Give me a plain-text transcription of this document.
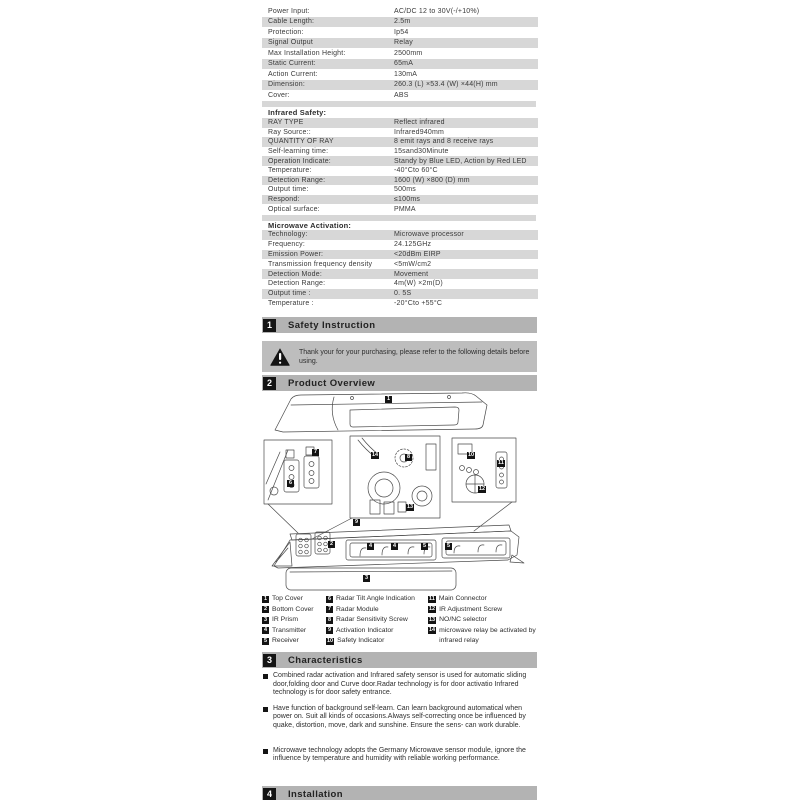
Power Input:	AC/DC 12 to 30V(-/+10%)
Cable Length:	2.5m
Protection:	Ip54
Signal Output	Relay
Max Installation Height:	2500mm
Static Current:	65mA
Action Current:	130mA
Dimension:	260.3 (L) ×53.4 (W) ×44(H) mm
Cover:	ABS
Infrared Safety:
RAY TYPE	Reflect infrared
Ray Source::	Infrared940mm
QUANTITY OF RAY	8 emit rays and 8 receive rays
Self-learning time:	15sand30Minute
Operation Indicate:	Standy by Blue LED, Action by Red LED
Temperature:	-40°Cto 60°C
Detection Range:	1600 (W) ×800 (D) mm
Output time:	500ms
Respond:	≤100ms
Optical surface:	PMMA
Microwave Activation:
Technology:	Microwave processor
Frequency:	24.125GHz
Emission Power:	<20dBm EIRP
Transmission frequency density	<5mW/cm2
Detection Mode:	Movement
Detection Range:	4m(W) ×2m(D)
Output time :	0. 5S
Temperature :	-20°Cto +55°C
1	Safety Instruction
Thank your for your purchasing, please refer to the following details before using.
2	Product Overview
1
7
6
14	8
13
10
11
12
9
2	4	4	5	5
3
1 Top Cover
2 Bottom Cover
3 IR Prism
4 Transmitter
5 Receiver
6 Radar Tilt Angle Indication
7 Radar Module
8 Radar Sensitivity Screw
9 Activation Indicator
10 Safety Indicator
11 Main Connector
12 IR Adjustment Screw
13 NO/NC selector
14 microwave relay be activated by infrared relay
3	Characteristics
Combined radar activation and Infrared safety sensor is used for automatic sliding door,folding door and Curve door.Radar technology is for door activatio Infrared technology is for door safety entrance.
Have function of background self-learn. Can learn background automatical when power on. Suit all kinds of occasions.Always self-correcting once be influenced by quake, distortion, move, dark and sunshine. Ensure the sens- can work durable.
Microwave technology adopts the Germany Microwave sensor module, ignore the influence by temperature and humidity with reliable working performance.
4	Installation
